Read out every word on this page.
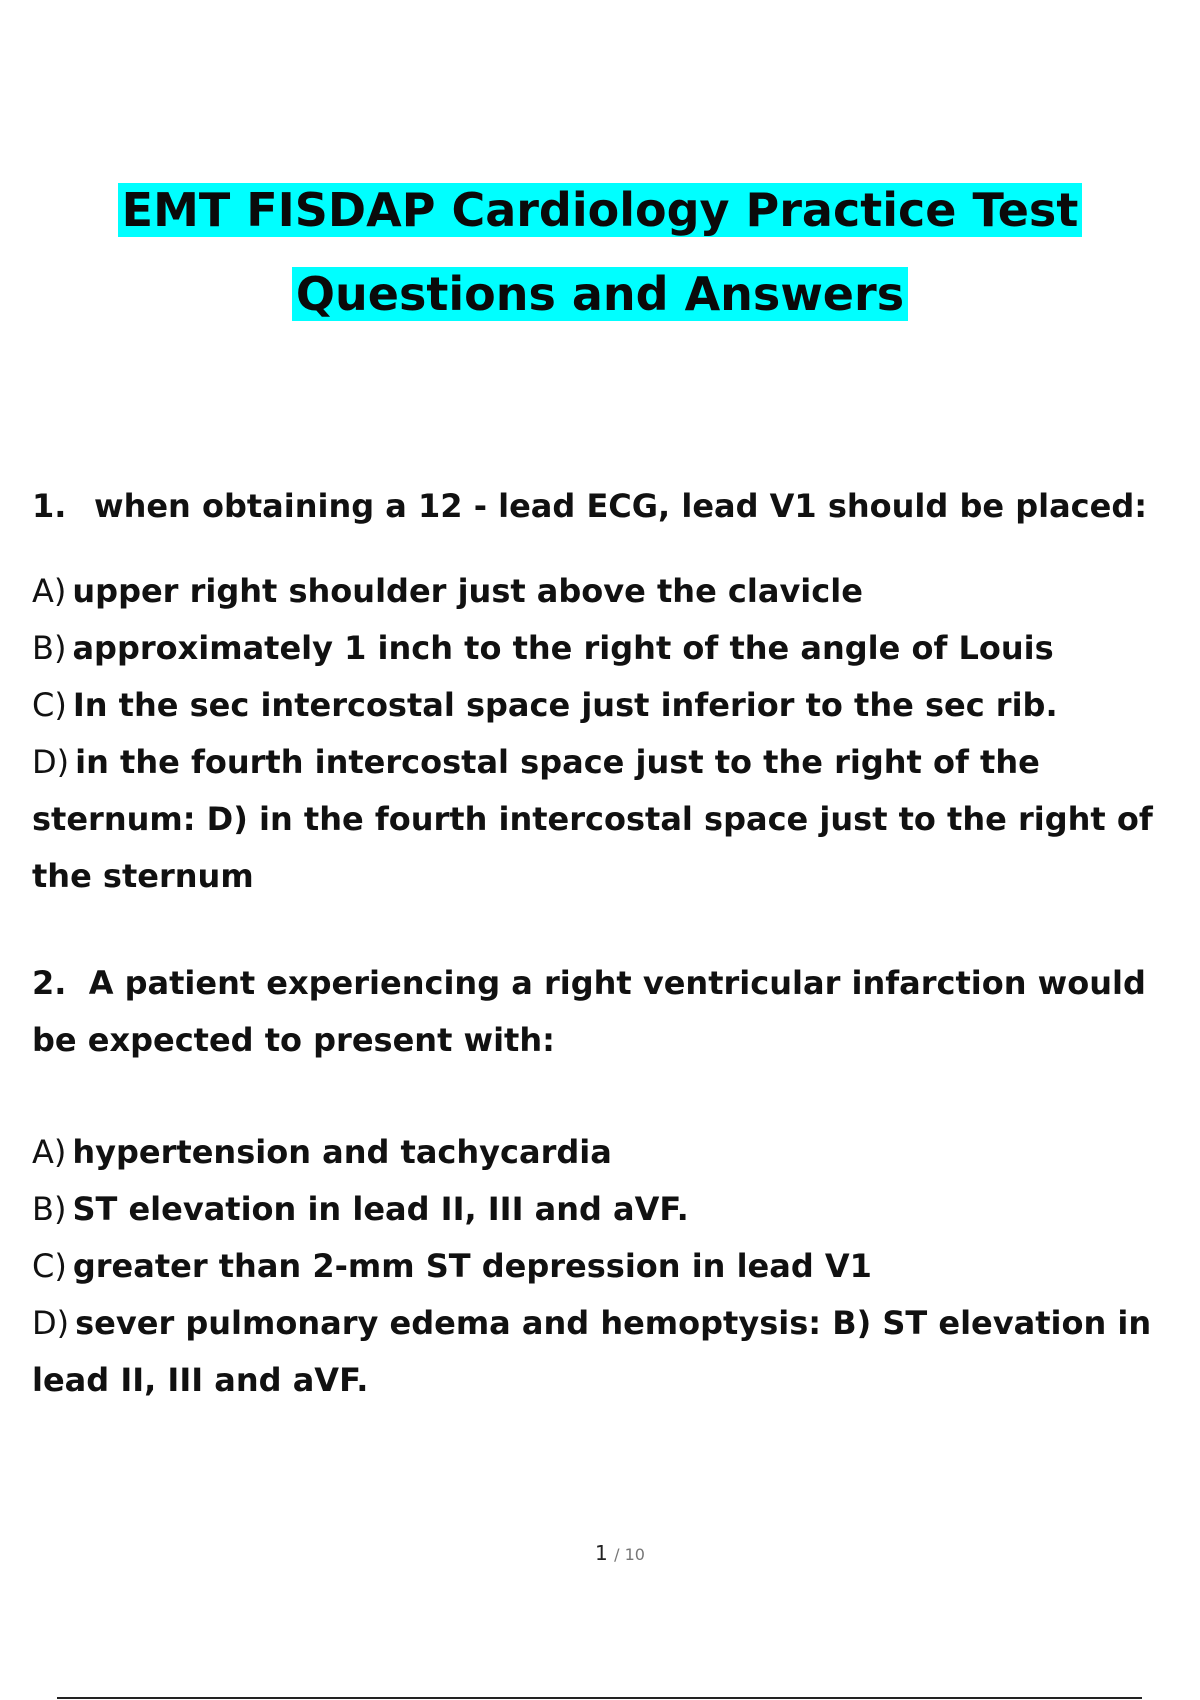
EMT FISDAP Cardiology Practice Test
Questions and Answers
1. when obtaining a 12 - lead ECG, lead V1 should be placed:
A) upper right shoulder just above the clavicle
B) approximately 1 inch to the right of the angle of Louis
C) In the sec intercostal space just inferior to the sec rib.
D) in the fourth intercostal space just to the right of the sternum: D) in the fourth intercostal space just to the right of the sternum
2. A patient experiencing a right ventricular infarction would be expected to present with:
A) hypertension and tachycardia
B) ST elevation in lead II, III and aVF.
C) greater than 2-mm ST depression in lead V1
D) sever pulmonary edema and hemoptysis: B) ST elevation in lead II, III and aVF.
1 / 10
